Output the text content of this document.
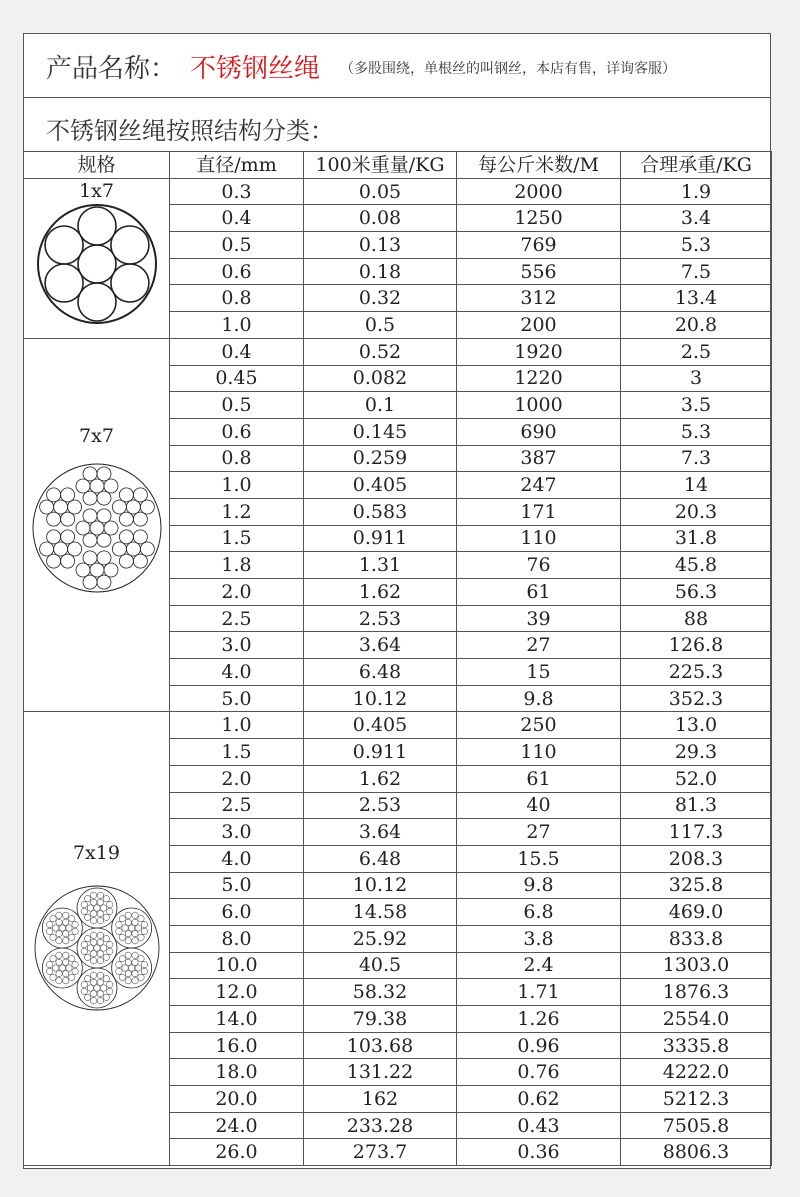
产品名称： 不锈钢丝绳 （多股围绕，单根丝的叫钢丝，本店有售，详询客服）
不锈钢丝绳按照结构分类：
规格	直径/mm	100米重量/KG	每公斤米数/M	合理承重/KG

1x7	0.3	0.05	2000	1.9
	0.4	0.08	1250	3.4
	0.5	0.13	769	5.3
	0.6	0.18	556	7.5
	0.8	0.32	312	13.4
	1.0	0.5	200	20.8

7x7	0.4	0.52	1920	2.5
	0.45	0.082	1220	3
	0.5	0.1	1000	3.5
	0.6	0.145	690	5.3
	0.8	0.259	387	7.3
	1.0	0.405	247	14
	1.2	0.583	171	20.3
	1.5	0.911	110	31.8
	1.8	1.31	76	45.8
	2.0	1.62	61	56.3
	2.5	2.53	39	88
	3.0	3.64	27	126.8
	4.0	6.48	15	225.3
	5.0	10.12	9.8	352.3

7x19	1.0	0.405	250	13.0
	1.5	0.911	110	29.3
	2.0	1.62	61	52.0
	2.5	2.53	40	81.3
	3.0	3.64	27	117.3
	4.0	6.48	15.5	208.3
	5.0	10.12	9.8	325.8
	6.0	14.58	6.8	469.0
	8.0	25.92	3.8	833.8
	10.0	40.5	2.4	1303.0
	12.0	58.32	1.71	1876.3
	14.0	79.38	1.26	2554.0
	16.0	103.68	0.96	3335.8
	18.0	131.22	0.76	4222.0
	20.0	162	0.62	5212.3
	24.0	233.28	0.43	7505.8
	26.0	273.7	0.36	8806.3
